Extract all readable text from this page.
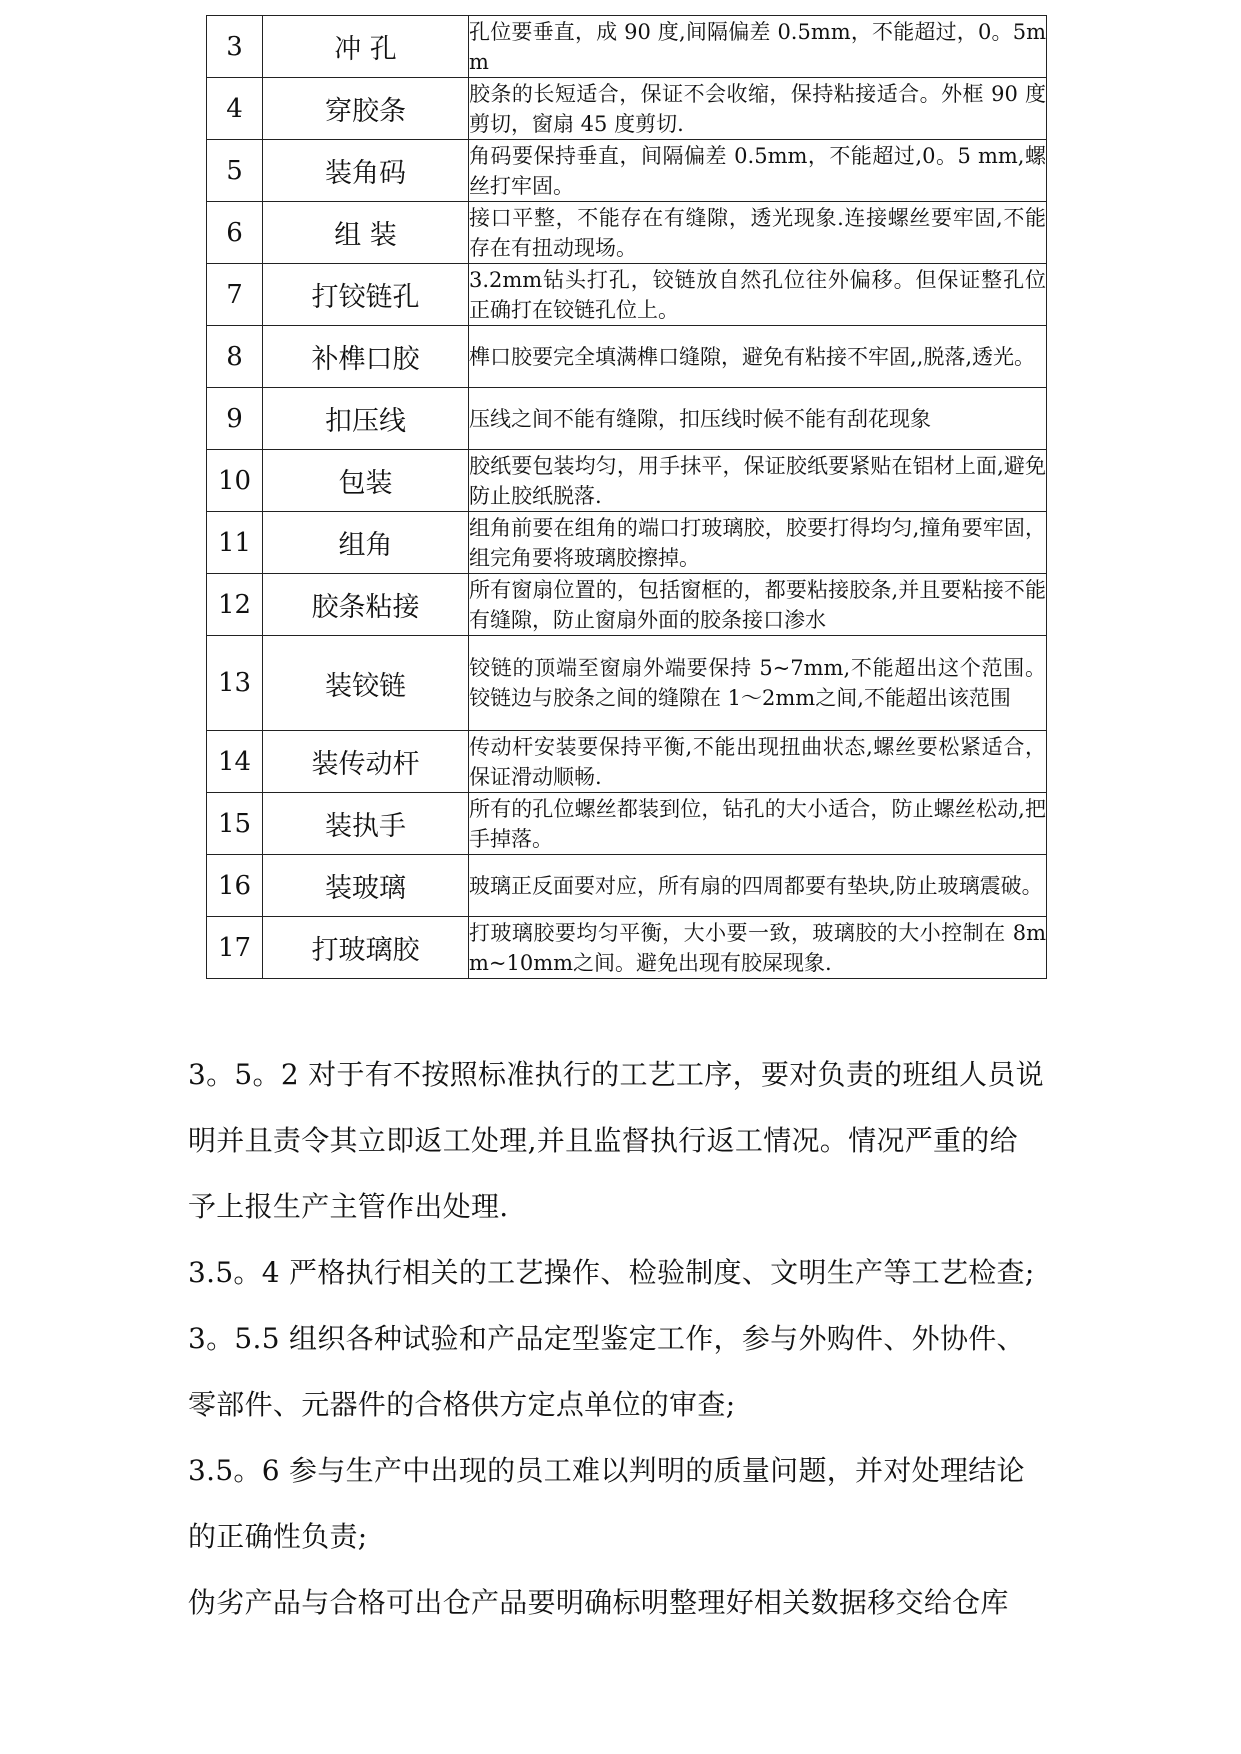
3	冲 孔	孔位要垂直，成 90 度,间隔偏差 0.5mm，不能超过，0。5mm
4	穿胶条	胶条的长短适合，保证不会收缩，保持粘接适合。外框 90 度剪切，窗扇 45 度剪切.
5	装角码	角码要保持垂直，间隔偏差 0.5mm，不能超过,0。5 mm,螺丝打牢固。
6	组 装	接口平整，不能存在有缝隙，透光现象.连接螺丝要牢固,不能存在有扭动现场。
7	打铰链孔	3.2mm钻头打孔，铰链放自然孔位往外偏移。但保证整孔位正确打在铰链孔位上。
8	补榫口胶	榫口胶要完全填满榫口缝隙，避免有粘接不牢固,,脱落,透光。
9	扣压线	压线之间不能有缝隙，扣压线时候不能有刮花现象
10	包装	胶纸要包装均匀，用手抹平，保证胶纸要紧贴在铝材上面,避免防止胶纸脱落.
11	组角	组角前要在组角的端口打玻璃胶，胶要打得均匀,撞角要牢固，组完角要将玻璃胶擦掉。
12	胶条粘接	所有窗扇位置的，包括窗框的，都要粘接胶条,并且要粘接不能有缝隙，防止窗扇外面的胶条接口渗水
13	装铰链	铰链的顶端至窗扇外端要保持 5~7mm,不能超出这个范围。铰链边与胶条之间的缝隙在 1～2mm之间,不能超出该范围
14	装传动杆	传动杆安装要保持平衡,不能出现扭曲状态,螺丝要松紧适合，保证滑动顺畅.
15	装执手	所有的孔位螺丝都装到位，钻孔的大小适合，防止螺丝松动,把手掉落。
16	装玻璃	玻璃正反面要对应，所有扇的四周都要有垫块,防止玻璃震破。
17	打玻璃胶	打玻璃胶要均匀平衡，大小要一致，玻璃胶的大小控制在 8mm~10mm之间。避免出现有胶屎现象.

3。5。2 对于有不按照标准执行的工艺工序，要对负责的班组人员说

明并且责令其立即返工处理,并且监督执行返工情况。情况严重的给

予上报生产主管作出处理.

3.5。4 严格执行相关的工艺操作、检验制度、文明生产等工艺检查;

3。5.5 组织各种试验和产品定型鉴定工作，参与外购件、外协件、

零部件、元器件的合格供方定点单位的审查;

3.5。6 参与生产中出现的员工难以判明的质量问题，并对处理结论

的正确性负责;

伪劣产品与合格可出仓产品要明确标明整理好相关数据移交给仓库
